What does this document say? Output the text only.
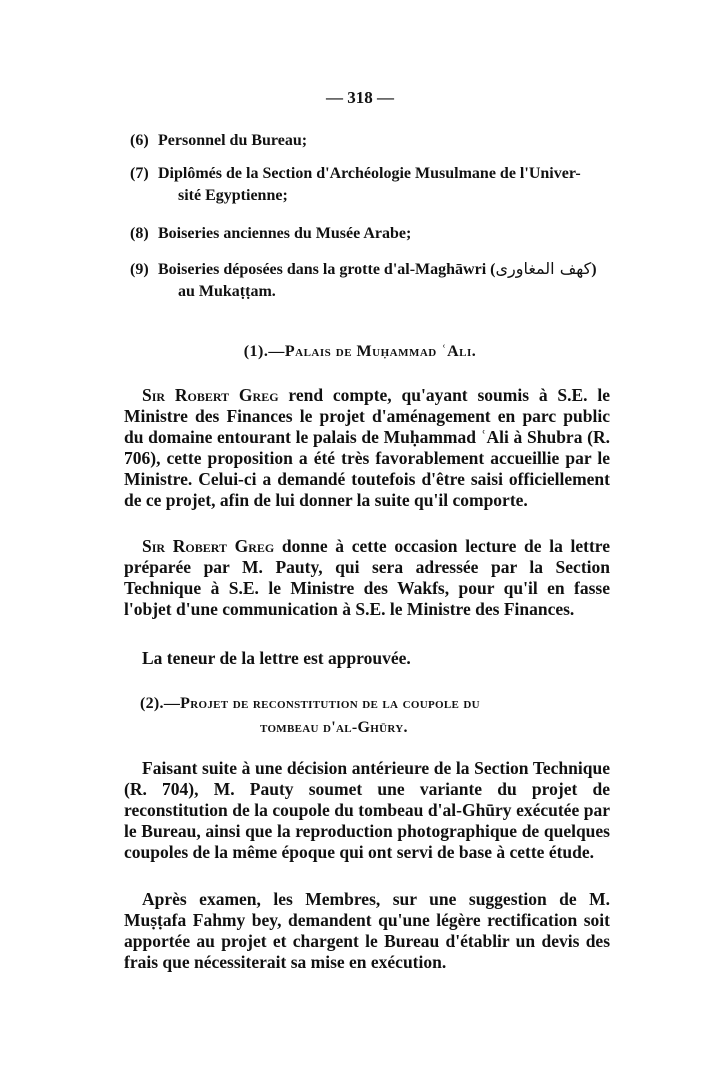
— 318 —
(6) Personnel du Bureau;
(7) Diplômés de la Section d'Archéologie Musulmane de l'Univer-
sité Egyptienne;
(8) Boiseries anciennes du Musée Arabe;
(9) Boiseries déposées dans la grotte d'al-Maghāwri (كهف المغاورى)
au Mukaṭṭam.
(1).—Palais de Muḥammad ʿAli.
Sir Robert Greg rend compte, qu'ayant soumis à S.E. le Ministre des Finances le projet d'aménagement en parc public du domaine entourant le palais de Muḥammad ʿAli à Shubra (R. 706), cette proposition a été très favorablement accueillie par le Ministre. Celui-ci a demandé toutefois d'être saisi officiellement de ce projet, afin de lui donner la suite qu'il comporte.
Sir Robert Greg donne à cette occasion lecture de la lettre préparée par M. Pauty, qui sera adressée par la Section Technique à S.E. le Ministre des Wakfs, pour qu'il en fasse l'objet d'une communication à S.E. le Ministre des Finances.
La teneur de la lettre est approuvée.
(2).—Projet de reconstitution de la coupole du
tombeau d'al-Ghūry.
Faisant suite à une décision antérieure de la Section Technique (R. 704), M. Pauty soumet une variante du projet de reconstitution de la coupole du tombeau d'al-Ghūry exécutée par le Bureau, ainsi que la reproduction photographique de quelques coupoles de la même époque qui ont servi de base à cette étude.
Après examen, les Membres, sur une suggestion de M. Muṣṭafa Fahmy bey, demandent qu'une légère rectification soit apportée au projet et chargent le Bureau d'établir un devis des frais que nécessiterait sa mise en exécution.
